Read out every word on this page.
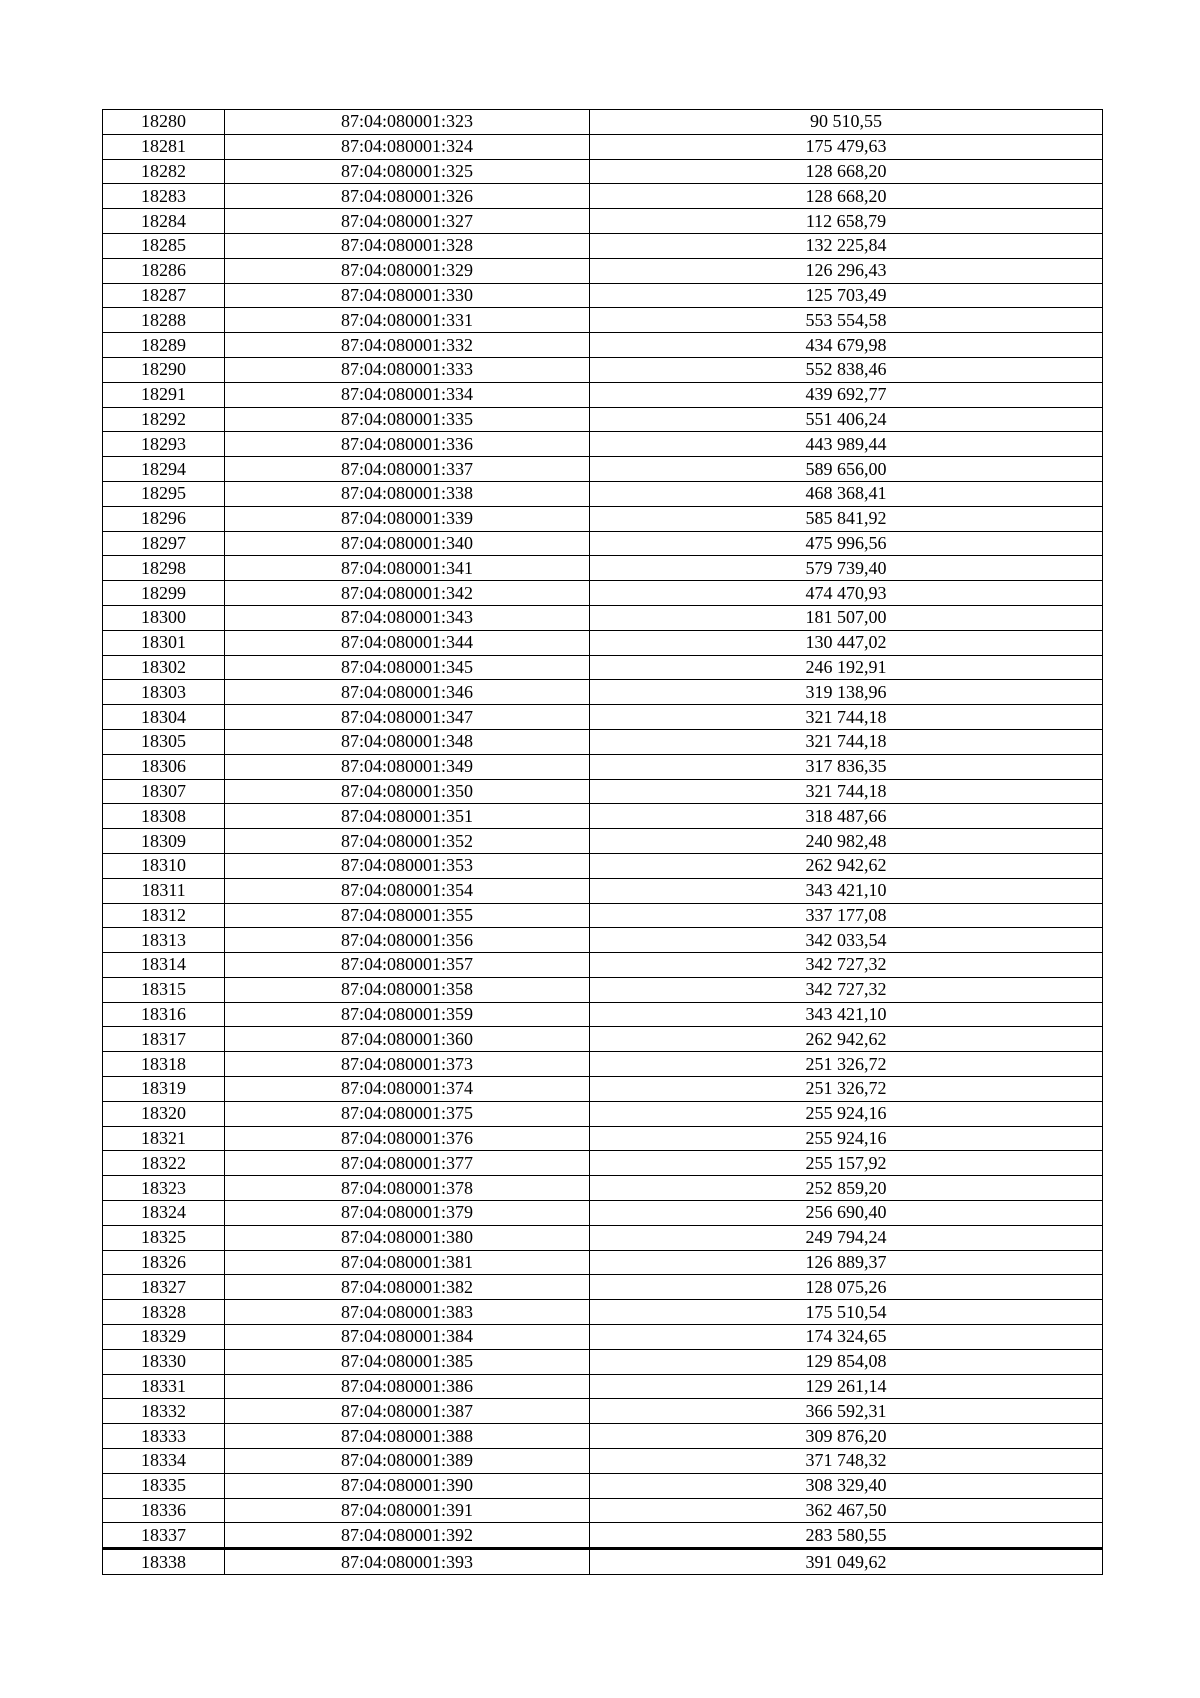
18280	87:04:080001:323	90 510,55
18281	87:04:080001:324	175 479,63
18282	87:04:080001:325	128 668,20
18283	87:04:080001:326	128 668,20
18284	87:04:080001:327	112 658,79
18285	87:04:080001:328	132 225,84
18286	87:04:080001:329	126 296,43
18287	87:04:080001:330	125 703,49
18288	87:04:080001:331	553 554,58
18289	87:04:080001:332	434 679,98
18290	87:04:080001:333	552 838,46
18291	87:04:080001:334	439 692,77
18292	87:04:080001:335	551 406,24
18293	87:04:080001:336	443 989,44
18294	87:04:080001:337	589 656,00
18295	87:04:080001:338	468 368,41
18296	87:04:080001:339	585 841,92
18297	87:04:080001:340	475 996,56
18298	87:04:080001:341	579 739,40
18299	87:04:080001:342	474 470,93
18300	87:04:080001:343	181 507,00
18301	87:04:080001:344	130 447,02
18302	87:04:080001:345	246 192,91
18303	87:04:080001:346	319 138,96
18304	87:04:080001:347	321 744,18
18305	87:04:080001:348	321 744,18
18306	87:04:080001:349	317 836,35
18307	87:04:080001:350	321 744,18
18308	87:04:080001:351	318 487,66
18309	87:04:080001:352	240 982,48
18310	87:04:080001:353	262 942,62
18311	87:04:080001:354	343 421,10
18312	87:04:080001:355	337 177,08
18313	87:04:080001:356	342 033,54
18314	87:04:080001:357	342 727,32
18315	87:04:080001:358	342 727,32
18316	87:04:080001:359	343 421,10
18317	87:04:080001:360	262 942,62
18318	87:04:080001:373	251 326,72
18319	87:04:080001:374	251 326,72
18320	87:04:080001:375	255 924,16
18321	87:04:080001:376	255 924,16
18322	87:04:080001:377	255 157,92
18323	87:04:080001:378	252 859,20
18324	87:04:080001:379	256 690,40
18325	87:04:080001:380	249 794,24
18326	87:04:080001:381	126 889,37
18327	87:04:080001:382	128 075,26
18328	87:04:080001:383	175 510,54
18329	87:04:080001:384	174 324,65
18330	87:04:080001:385	129 854,08
18331	87:04:080001:386	129 261,14
18332	87:04:080001:387	366 592,31
18333	87:04:080001:388	309 876,20
18334	87:04:080001:389	371 748,32
18335	87:04:080001:390	308 329,40
18336	87:04:080001:391	362 467,50
18337	87:04:080001:392	283 580,55
18338	87:04:080001:393	391 049,62
